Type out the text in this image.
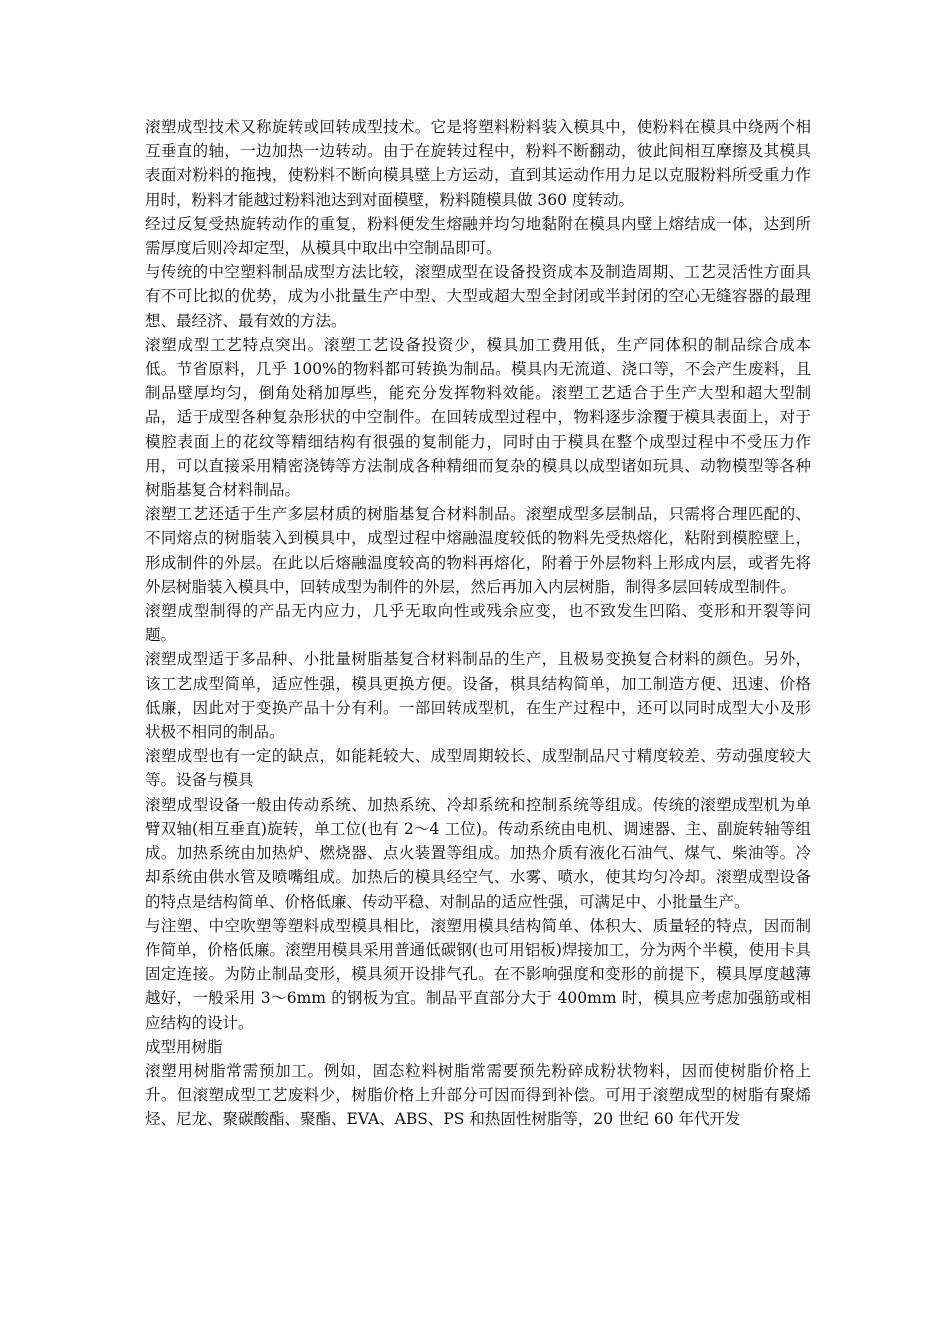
滚塑成型技术又称旋转或回转成型技术。它是将塑料粉料装入模具中，使粉料在模具中绕两个相互垂直的轴，一边加热一边转动。由于在旋转过程中，粉料不断翻动，彼此间相互摩擦及其模具表面对粉料的拖拽，使粉料不断向模具壁上方运动，直到其运动作用力足以克服粉料所受重力作用时，粉料才能越过粉料池达到对面模壁，粉料随模具做 360 度转动。

经过反复受热旋转动作的重复，粉料便发生熔融并均匀地黏附在模具内壁上熔结成一体，达到所需厚度后则冷却定型，从模具中取出中空制品即可。

与传统的中空塑料制品成型方法比较，滚塑成型在设备投资成本及制造周期、工艺灵活性方面具有不可比拟的优势，成为小批量生产中型、大型或超大型全封闭或半封闭的空心无缝容器的最理想、最经济、最有效的方法。

滚塑成型工艺特点突出。滚塑工艺设备投资少，模具加工费用低，生产同体积的制品综合成本低。节省原料，几乎 100%的物料都可转换为制品。模具内无流道、浇口等，不会产生废料，且制品壁厚均匀，倒角处稍加厚些，能充分发挥物料效能。滚塑工艺适合于生产大型和超大型制品，适于成型各种复杂形状的中空制件。在回转成型过程中，物料逐步涂覆于模具表面上，对于模腔表面上的花纹等精细结构有很强的复制能力，同时由于模具在整个成型过程中不受压力作用，可以直接采用精密浇铸等方法制成各种精细而复杂的模具以成型诸如玩具、动物模型等各种树脂基复合材料制品。

滚塑工艺还适于生产多层材质的树脂基复合材料制品。滚塑成型多层制品，只需将合理匹配的、不同熔点的树脂装入到模具中，成型过程中熔融温度较低的物料先受热熔化，粘附到模腔壁上，形成制件的外层。在此以后熔融温度较高的物料再熔化，附着于外层物料上形成内层，或者先将外层树脂装入模具中，回转成型为制件的外层，然后再加入内层树脂，制得多层回转成型制件。

滚塑成型制得的产品无内应力，几乎无取向性或残余应变，也不致发生凹陷、变形和开裂等问题。

滚塑成型适于多品种、小批量树脂基复合材料制品的生产，且极易变换复合材料的颜色。另外，该工艺成型简单，适应性强，模具更换方便。设备，棋具结构简单，加工制造方便、迅速、价格低廉，因此对于变换产品十分有利。一部回转成型机，在生产过程中，还可以同时成型大小及形状极不相同的制品。

滚塑成型也有一定的缺点，如能耗较大、成型周期较长、成型制品尺寸精度较差、劳动强度较大等。设备与模具

滚塑成型设备一般由传动系统、加热系统、冷却系统和控制系统等组成。传统的滚塑成型机为单臂双轴(相互垂直)旋转，单工位(也有 2～4 工位)。传动系统由电机、调速器、主、副旋转轴等组成。加热系统由加热炉、燃烧器、点火装置等组成。加热介质有液化石油气、煤气、柴油等。冷却系统由供水管及喷嘴组成。加热后的模具经空气、水雾、喷水，使其均匀冷却。滚塑成型设备的特点是结构简单、价格低廉、传动平稳、对制品的适应性强，可满足中、小批量生产。

与注塑、中空吹塑等塑料成型模具相比，滚塑用模具结构简单、体积大、质量轻的特点，因而制作简单，价格低廉。滚塑用模具采用普通低碳钢(也可用铝板)焊接加工，分为两个半模，使用卡具固定连接。为防止制品变形，模具须开设排气孔。在不影响强度和变形的前提下，模具厚度越薄越好，一般采用 3～6mm 的钢板为宜。制品平直部分大于 400mm 时，模具应考虑加强筋或相应结构的设计。

成型用树脂

滚塑用树脂常需预加工。例如，固态粒料树脂常需要预先粉碎成粉状物料，因而使树脂价格上升。但滚塑成型工艺废料少，树脂价格上升部分可因而得到补偿。可用于滚塑成型的树脂有聚烯烃、尼龙、聚碳酸酯、聚酯、EVA、ABS、PS 和热固性树脂等，20 世纪 60 年代开发
